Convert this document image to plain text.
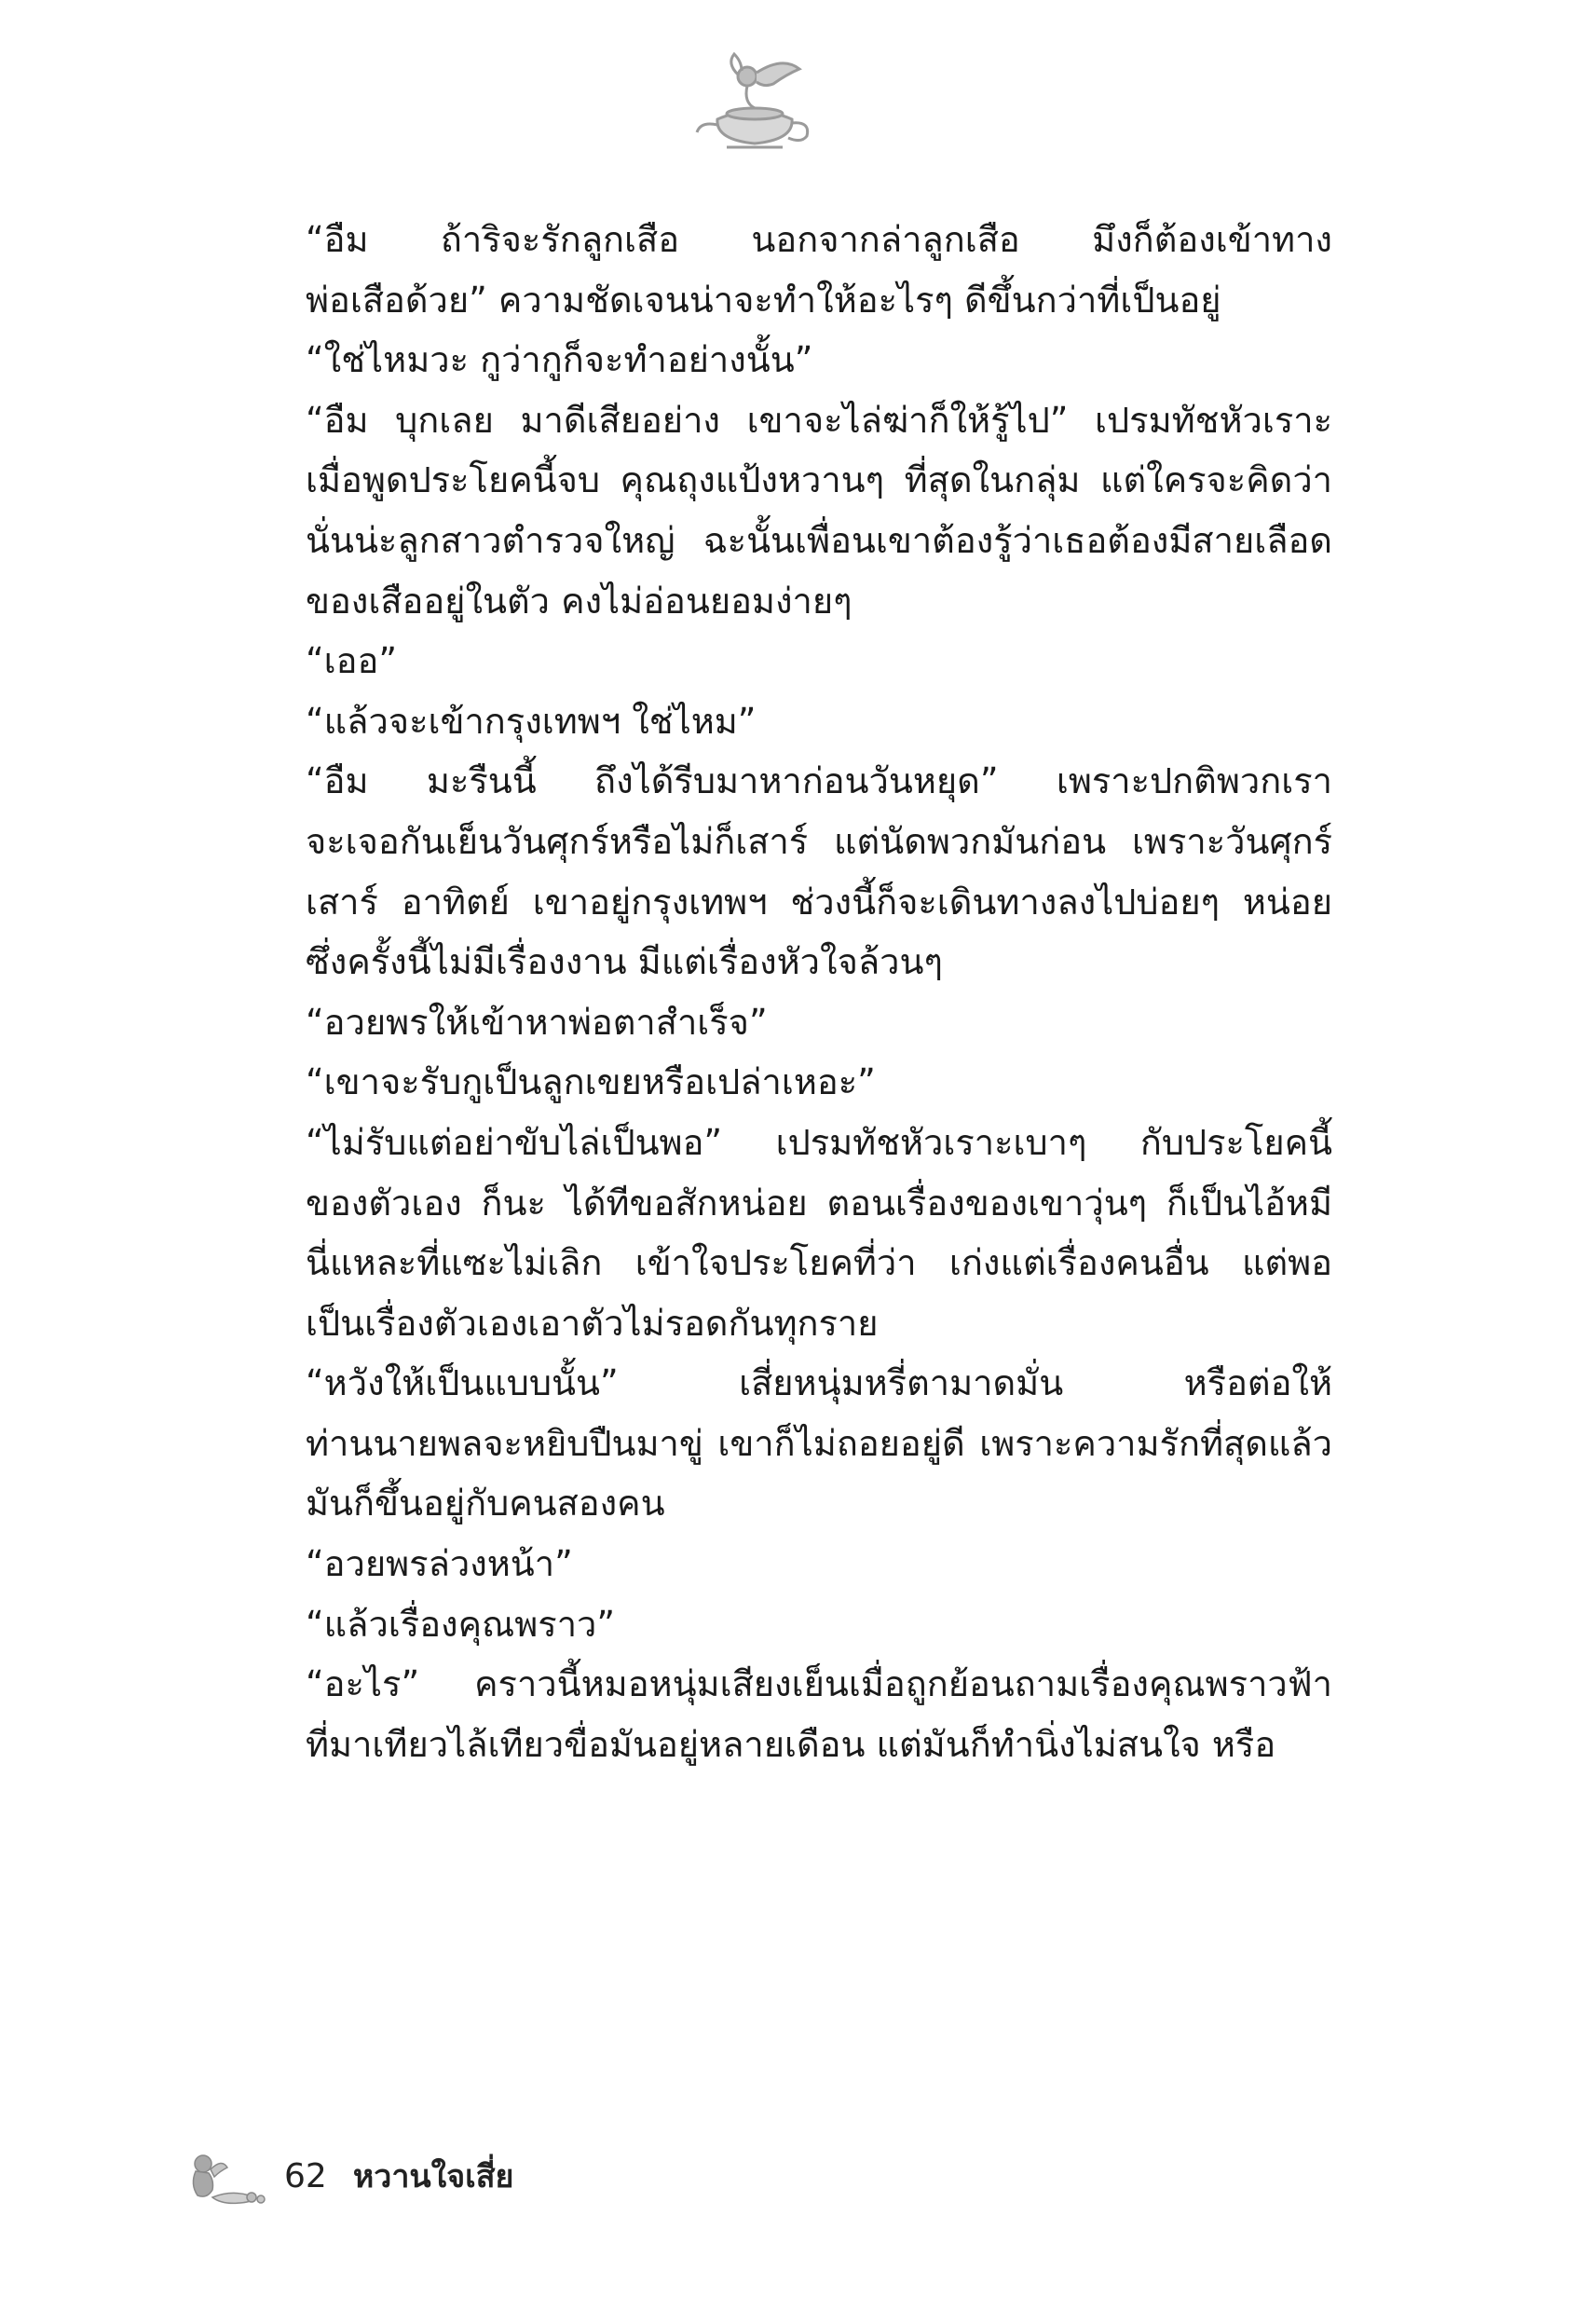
“อืม ถ้าริจะรักลูกเสือ นอกจากล่าลูกเสือ มึงก็ต้องเข้าทาง
พ่อเสือด้วย” ความชัดเจนน่าจะทำให้อะไรๆ ดีขึ้นกว่าที่เป็นอยู่

“ใช่ไหมวะ กูว่ากูก็จะทำอย่างนั้น”

“อืม บุกเลย มาดีเสียอย่าง เขาจะไล่ฆ่าก็ให้รู้ไป” เปรมทัชหัวเราะ
เมื่อพูดประโยคนี้จบ คุณถุงแป้งหวานๆ ที่สุดในกลุ่ม แต่ใครจะคิดว่า
นั่นน่ะลูกสาวตำรวจใหญ่ ฉะนั้นเพื่อนเขาต้องรู้ว่าเธอต้องมีสายเลือด
ของเสืออยู่ในตัว คงไม่อ่อนยอมง่ายๆ

“เออ”

“แล้วจะเข้ากรุงเทพฯ ใช่ไหม”

“อืม มะรืนนี้ ถึงได้รีบมาหาก่อนวันหยุด” เพราะปกติพวกเรา
จะเจอกันเย็นวันศุกร์หรือไม่ก็เสาร์ แต่นัดพวกมันก่อน เพราะวันศุกร์
เสาร์ อาทิตย์ เขาอยู่กรุงเทพฯ ช่วงนี้ก็จะเดินทางลงไปบ่อยๆ หน่อย
ซึ่งครั้งนี้ไม่มีเรื่องงาน มีแต่เรื่องหัวใจล้วนๆ

“อวยพรให้เข้าหาพ่อตาสำเร็จ”

“เขาจะรับกูเป็นลูกเขยหรือเปล่าเหอะ”

“ไม่รับแต่อย่าขับไล่เป็นพอ” เปรมทัชหัวเราะเบาๆ กับประโยคนี้
ของตัวเอง ก็นะ ได้ทีขอสักหน่อย ตอนเรื่องของเขาวุ่นๆ ก็เป็นไอ้หมี
นี่แหละที่แซะไม่เลิก เข้าใจประโยคที่ว่า เก่งแต่เรื่องคนอื่น แต่พอ
เป็นเรื่องตัวเองเอาตัวไม่รอดกันทุกราย

“หวังให้เป็นแบบนั้น” เสี่ยหนุ่มหรี่ตามาดมั่น หรือต่อให้
ท่านนายพลจะหยิบปืนมาขู่ เขาก็ไม่ถอยอยู่ดี เพราะความรักที่สุดแล้ว
มันก็ขึ้นอยู่กับคนสองคน

“อวยพรล่วงหน้า”

“แล้วเรื่องคุณพราว”

“อะไร” คราวนี้หมอหนุ่มเสียงเย็นเมื่อถูกย้อนถามเรื่องคุณพราวฟ้า
ที่มาเทียวไล้เทียวขื่อมันอยู่หลายเดือน แต่มันก็ทำนิ่งไม่สนใจ หรือ

62 หวานใจเสี่ย
